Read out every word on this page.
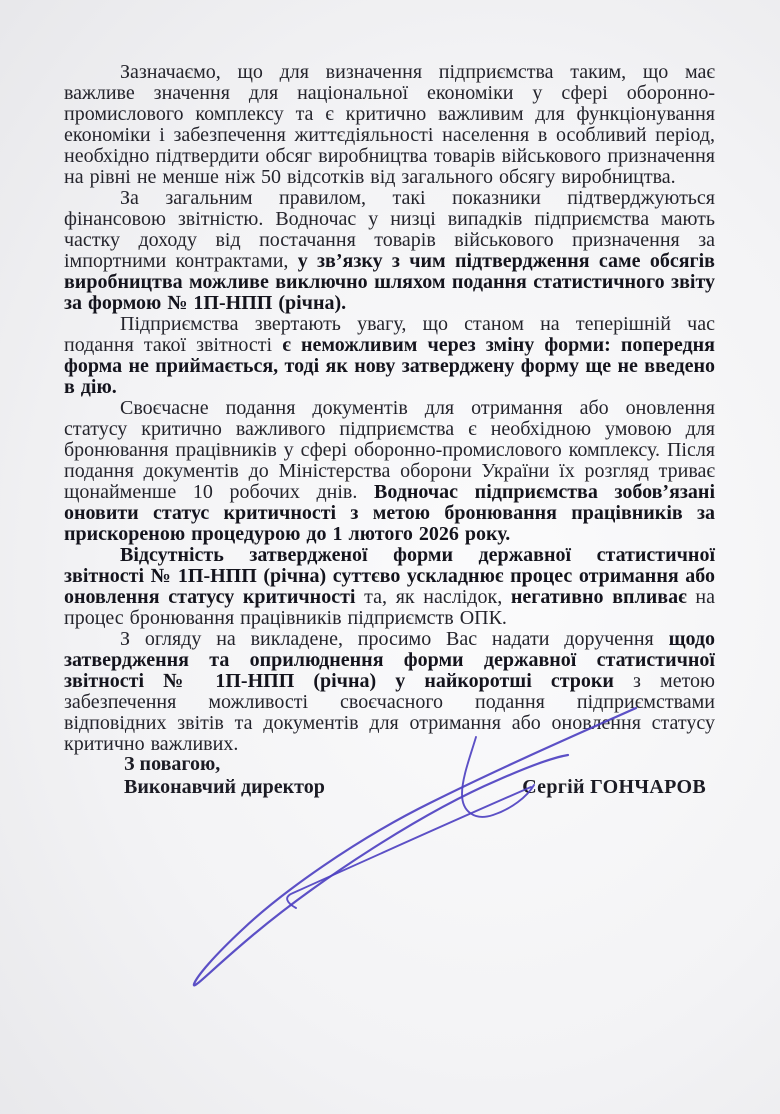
Зазначаємо, що для визначення підприємства таким, що має важливе значення для національної економіки у сфері оборонно-промислового комплексу та є критично важливим для функціонування економіки і забезпечення життєдіяльності населення в особливий період, необхідно підтвердити обсяг виробництва товарів військового призначення на рівні не менше ніж 50 відсотків від загального обсягу виробництва.

За загальним правилом, такі показники підтверджуються фінансовою звітністю. Водночас у низці випадків підприємства мають частку доходу від постачання товарів військового призначення за імпортними контрактами, у зв’язку з чим підтвердження саме обсягів виробництва можливе виключно шляхом подання статистичного звіту за формою № 1П-НПП (річна).

Підприємства звертають увагу, що станом на теперішній час подання такої звітності є неможливим через зміну форми: попередня форма не приймається, тоді як нову затверджену форму ще не введено в дію.

Своєчасне подання документів для отримання або оновлення статусу критично важливого підприємства є необхідною умовою для бронювання працівників у сфері оборонно-промислового комплексу. Після подання документів до Міністерства оборони України їх розгляд триває щонайменше 10 робочих днів. Водночас підприємства зобов’язані оновити статус критичності з метою бронювання працівників за прискореною процедурою до 1 лютого 2026 року.

Відсутність затвердженої форми державної статистичної звітності № 1П-НПП (річна) суттєво ускладнює процес отримання або оновлення статусу критичності та, як наслідок, негативно впливає на процес бронювання працівників підприємств ОПК.

З огляду на викладене, просимо Вас надати доручення щодо затвердження та оприлюднення форми державної статистичної звітності № 1П-НПП (річна) у найкоротші строки з метою забезпечення можливості своєчасного подання підприємствами відповідних звітів та документів для отримання або оновлення статусу критично важливих.

З повагою,
Виконавчий директор	Сергій ГОНЧАРОВ
